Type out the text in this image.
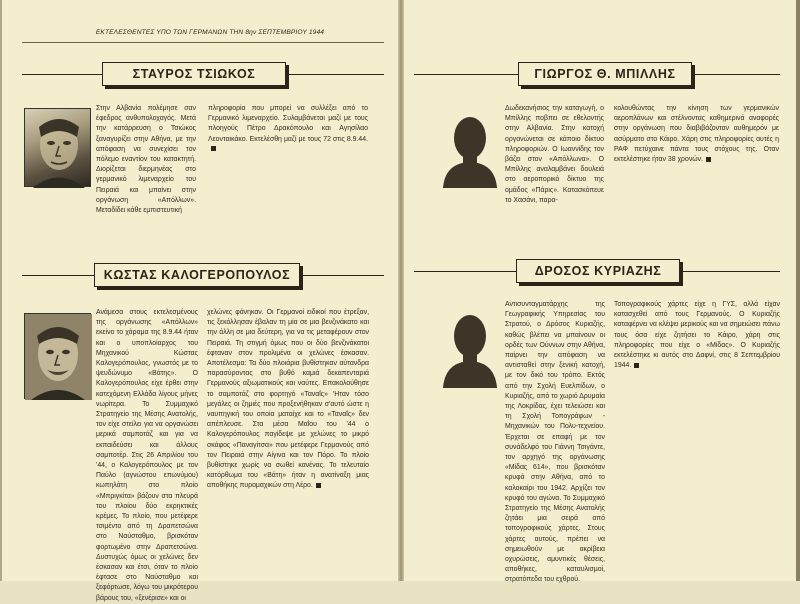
ΕΚΤΕΛΕΣΘΕΝΤΕΣ ΥΠΟ ΤΩΝ ΓΕΡΜΑΝΩΝ ΤΗΝ 8ην ΣΕΠΤΕΜΒΡΙΟΥ 1944
ΣΤΑΥΡΟΣ ΤΣΙΩΚΟΣ
Στην Αλβανία πολέμησε σαν έφεδρος ανθυπολοχαγός. Μετά την κατάρρευση ο Τσιώκος ξαναγυρίζει στην Αθήνα, με την απόφαση να συνεχίσει τον πόλεμο εναντίον του κατακτητή. Διορίζεται διερμηνέας στο γερμανικό λιμεναρχείο του Πειραιά και μπαίνει στην οργάνωση «Απόλλων». Μεταδίδει κάθε εμπιστευτική
πληροφορία που μπορεί να συλλέξει από το Γερμανικό λιμεναρχείο. Συλαμβάνεται μαζί με τους πλοηγούς Πέτρο Δρακόπουλο και Αγησίλαο Λεονταικάκο. Εκτελέσθη μαζί με τους 72 στις 8.9.44.
ΚΩΣΤΑΣ ΚΑΛΟΓΕΡΟΠΟΥΛΟΣ
Ανάμεσα στους εκτελεσμένους της οργάνωσης «Απόλλων» εκείνο το χάραμα της 8.9.44 ήταν και ο υποπλοίαρχος του Μηχανικού Κώστας Καλογερόπουλος, γνωστός με το ψευδώνυμο «Βάτης». Ο Καλογερόπουλος είχε έρθει στην κατεχόμενη Ελλάδα λίγους μήνες νωρίτερα. Το Συμμαχικό Στρατηγείο της Μέσης Ανατολής, τον είχε στείλει για να οργανώσει μερικά σαμποτάζ και για να εκπαιδεύσει και άλλους σαμποτέρ. Στις 26 Απριλίου του '44, ο Καλογερόπουλος με τον Παύλο (αγνώστου επωνύμου) κωπηλάτη στο πλοίο «Μπριγκίτα» βάζουν στα πλευρά του πλοίου δύο εκρηκτικές κρέμες. Το πλοίο, που μετέφερε τσιμέντο από τη Δραπετσώνα στο Ναύσταθμο, βρισκόταν φορτωμένο στην Δραπετσώνα. Δυστυχώς όμως οι χελώνες δεν έσκασαν και έτσι, όταν το πλοίο έφτασε στο Ναύσταθμο και ξεφόρτωσε, λόγω του μικρότερου βάρους του, «ξενέρισε» και οι
χελώνες φάνηκαν. Οι Γερμανοί ειδικοί που έτρεξαν, τις ξεκόλλησαν έβαλαν τη μία σε μια βενζινάκατο και την άλλη σε μια δεύτερη, για να τις μεταφέρουν στον Πειραιά. Τη στιγμή όμως που οι δύο βενζινάκατοι έφταναν στον προλιμένα οι χελώνες έσκασαν. Αποτέλεσμα: Τα δύο πλοιάρια βυθίστηκαν αύτανδρα παρασύροντας στο βυθό καμιά δεκαπενταριά Γερμανούς αξιωματικούς και ναύτες. Επακολούθησε το σαμποτάζ στο φορτηγό «Ταναΐς» 'Ηταν τόσο μεγάλες οι ζημιές που προξενήθηκαν σ'αυτό ώστε η ναυπηγική του οποία ματαίχε και το «Ταναΐς» δεν απέπλευσε. Στα μέσα Μαΐου του '44 ο Καλογερόπουλος παγίδεψε με χελώνες το μικρό σκάφος «Παναγίτσα» που μετέφερε Γερμανούς από τον Πειραιά στην Αίγινα και τον Πόρο. Το πλοίο βυθίστηκε χωρίς να σωθεί κανένας. Το τελευταίο κατόρθωμα του «Βάτη» ήταν η ανατίναξη μιας αποθήκης πυρομαχικών στη Λέρο.
ΓΙΩΡΓΟΣ Θ. ΜΠΙΛΛΗΣ
Δωδεκανήσιος την καταγωγή, ο Μπίλλης ποβπει σε εθελοντής στην Αλβανία. Στην κατοχή οργανώνεται σε κάποιο δίκτυο πληροφοριών. Ο Ιωαννίδης τον βάζει στον «Απόλλωνα». Ο Μπίλλης αναλαμβάνει δουλειά στο αεροπορικό δίκτυο της ομάδος «Πάρις». Κατασκόπευε το Χασάνι, παρα-
κολουθώντας την κίνηση των γερμανικών αεροπλάνων και στέλνοντας καθημερινά αναφορές στην οργάνωση που διαβιβάζονταν αυθημερόν με ασύρματο στο Κάιρο. Χάρη στις πληροφορίες αυτές η ΡΑΦ πετύχαινε πάντα τους στόχους της. Οταν εκτελέστηκε ήταν 38 χρονών.
ΔΡΟΣΟΣ ΚΥΡΙΑΖΗΣ
Αντισυνταγματάρχης της Γεωγραφικής Υπηρεσίας του Στρατού, ο Δρόσος Κυριαζής, καθώς βλέπει να μπαίνουν οι ορδές των Ούννων στην Αθήνα, παίρνει την απόφαση να αντισταθεί στην ξενική κατοχή, με τον δικό του τρόπο. Εκτός από την Σχολή Ευελπίδων, ο Κυριαζής, από το χωριό Δρυμαία της Λοκρίδας, έχει τελειώσει και τη Σχολή Τοπογράφων - Μηχανικών του Πολυ-τεχνείου. Έρχεται σε επαφή με τον συνάδελφό του Γιάννη Τσιγάντε, τον αρχηγό της οργάνωσης «Μίδας 614», που βρισκόταν κρυφά στην Αθήνα, από το καλοκαίρι του 1942. Αρχίζει τον κρυφό του αγώνα. Το Συμμαχικό Στρατηγείο της Μέσης Ανατολής ζητάει μια σειρά από τοπογραφικούς χάρτες. Στους χάρτες αυτούς, πρέπει να σημειωθούν με ακρίβεια οχυρώσεις, αμυντικές θέσεις, αποθήκες, καταυλισμοί, στρατόπεδα του εχθρού.
Τοπογραφικούς χάρτες είχε η ΓΥΣ, αλλά είχαν κατασχεθεί από τους Γερμανούς. Ο Κυριαζής καταφέρνει να κλέψει μερικούς και να σημειώσει πάνω τους όσα είχε ζητήσει το Κάιρο, χάρη στις πληροφορίες που είχε ο «Μίδας». Ο Κυριαζής εκτελέστηκε κι αυτός στο Δαφνί, στις 8 Σεπτεμβρίου 1944.
